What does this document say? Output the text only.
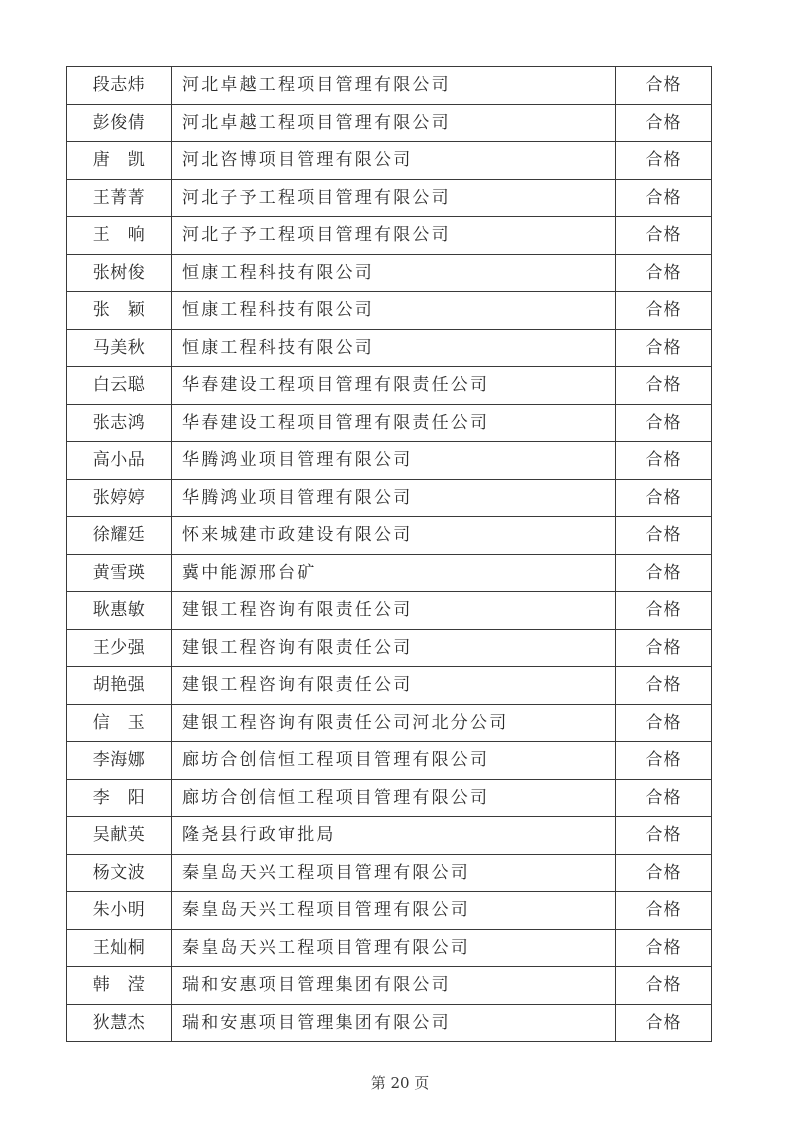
段志炜	河北卓越工程项目管理有限公司	合格
彭俊倩	河北卓越工程项目管理有限公司	合格
唐　凯	河北咨博项目管理有限公司	合格
王菁菁	河北子予工程项目管理有限公司	合格
王　响	河北子予工程项目管理有限公司	合格
张树俊	恒康工程科技有限公司	合格
张　颖	恒康工程科技有限公司	合格
马美秋	恒康工程科技有限公司	合格
白云聪	华春建设工程项目管理有限责任公司	合格
张志鸿	华春建设工程项目管理有限责任公司	合格
高小品	华腾鸿业项目管理有限公司	合格
张婷婷	华腾鸿业项目管理有限公司	合格
徐耀廷	怀来城建市政建设有限公司	合格
黄雪瑛	冀中能源邢台矿	合格
耿惠敏	建银工程咨询有限责任公司	合格
王少强	建银工程咨询有限责任公司	合格
胡艳强	建银工程咨询有限责任公司	合格
信　玉	建银工程咨询有限责任公司河北分公司	合格
李海娜	廊坊合创信恒工程项目管理有限公司	合格
李　阳	廊坊合创信恒工程项目管理有限公司	合格
吴献英	隆尧县行政审批局	合格
杨文波	秦皇岛天兴工程项目管理有限公司	合格
朱小明	秦皇岛天兴工程项目管理有限公司	合格
王灿桐	秦皇岛天兴工程项目管理有限公司	合格
韩　滢	瑞和安惠项目管理集团有限公司	合格
狄慧杰	瑞和安惠项目管理集团有限公司	合格
第 20 页
